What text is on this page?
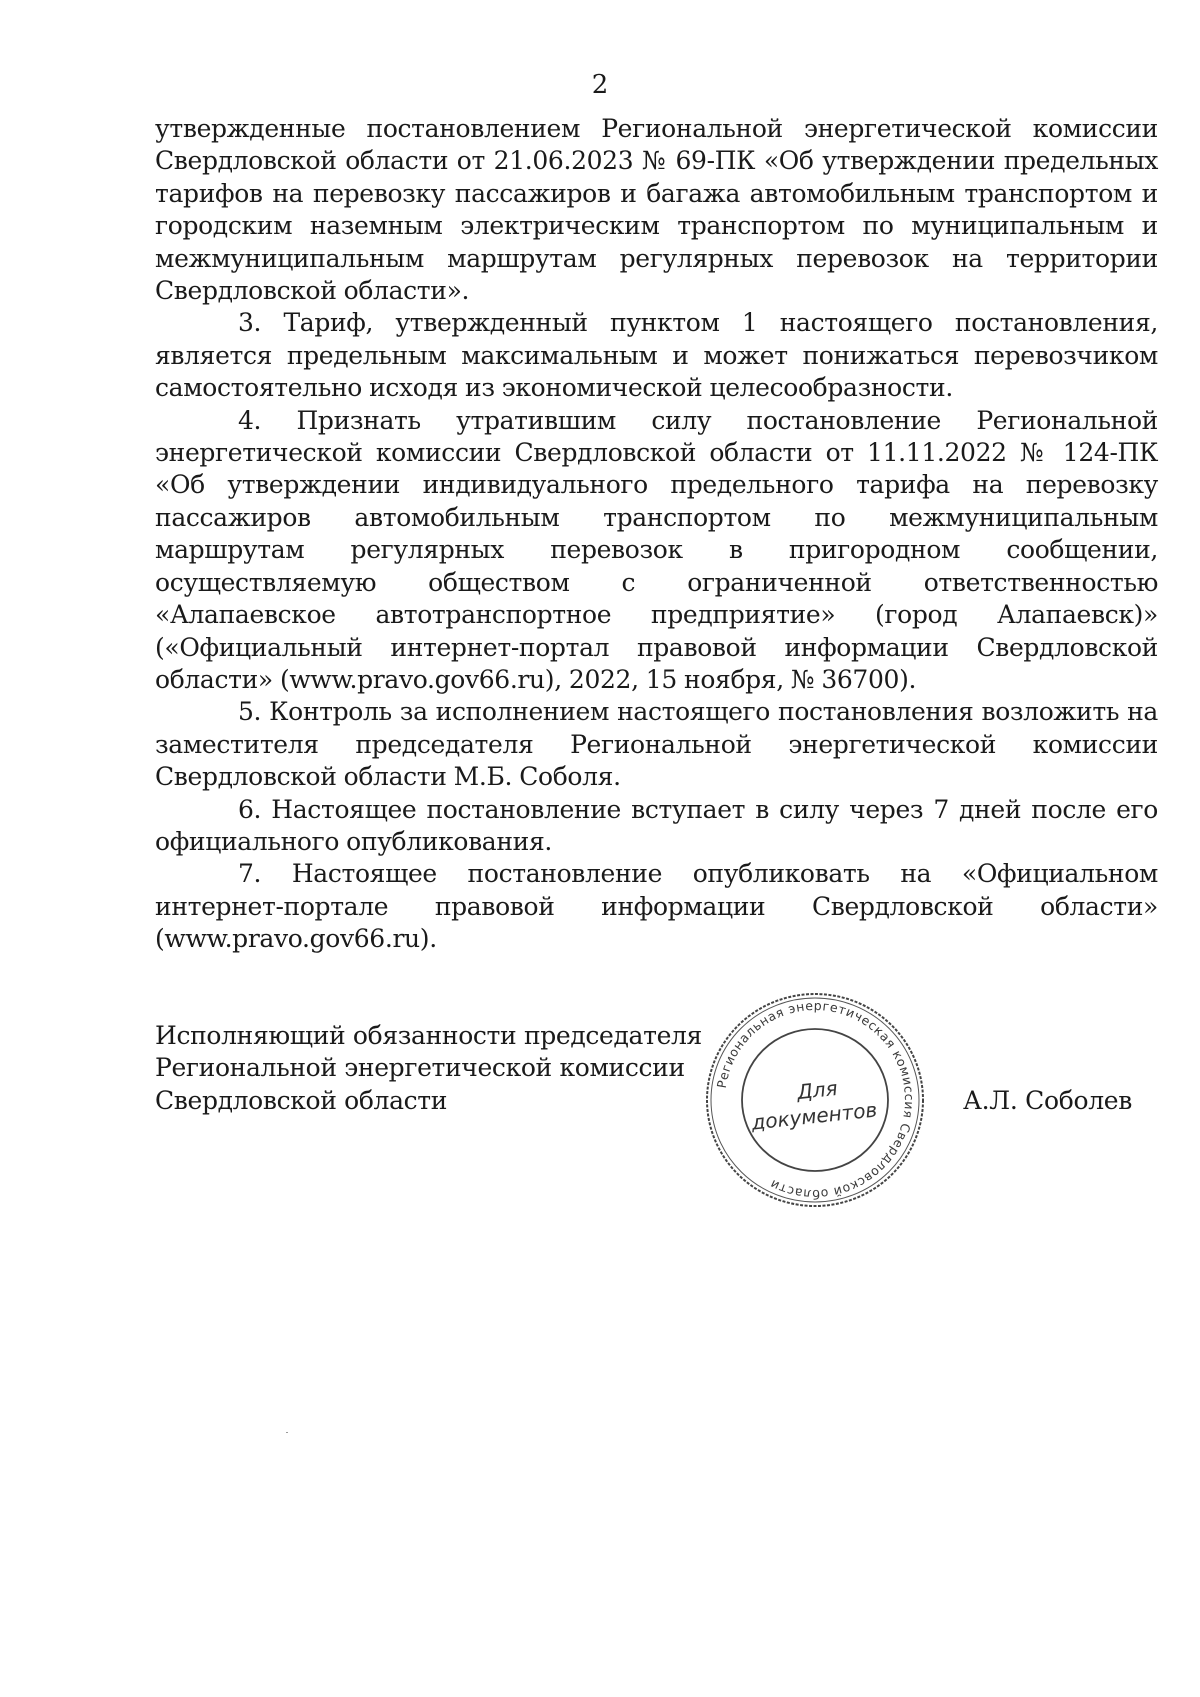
2

утвержденные постановлением Региональной энергетической комиссии Свердловской области от 21.06.2023 № 69-ПК «Об утверждении предельных тарифов на перевозку пассажиров и багажа автомобильным транспортом и городским наземным электрическим транспортом по муниципальным и межмуниципальным маршрутам регулярных перевозок на территории Свердловской области».

3. Тариф, утвержденный пунктом 1 настоящего постановления, является предельным максимальным и может понижаться перевозчиком самостоятельно исходя из экономической целесообразности.

4. Признать утратившим силу постановление Региональной энергетической комиссии Свердловской области от 11.11.2022 № 124-ПК «Об утверждении индивидуального предельного тарифа на перевозку пассажиров автомобильным транспортом по межмуниципальным маршрутам регулярных перевозок в пригородном сообщении, осуществляемую обществом с ограниченной ответственностью «Алапаевское автотранспортное предприятие» (город Алапаевск)» («Официальный интернет-портал правовой информации Свердловской области» (www.pravo.gov66.ru), 2022, 15 ноября, № 36700).

5. Контроль за исполнением настоящего постановления возложить на заместителя председателя Региональной энергетической комиссии Свердловской области М.Б. Соболя.

6. Настоящее постановление вступает в силу через 7 дней после его официального опубликования.

7. Настоящее постановление опубликовать на «Официальном интернет-портале правовой информации Свердловской области» (www.pravo.gov66.ru).

Исполняющий обязанности председателя
Региональной энергетической комиссии
Свердловской области
Региональная энергетическая комиссия Свердловской области
Для
документов	А.Л. Соболев
